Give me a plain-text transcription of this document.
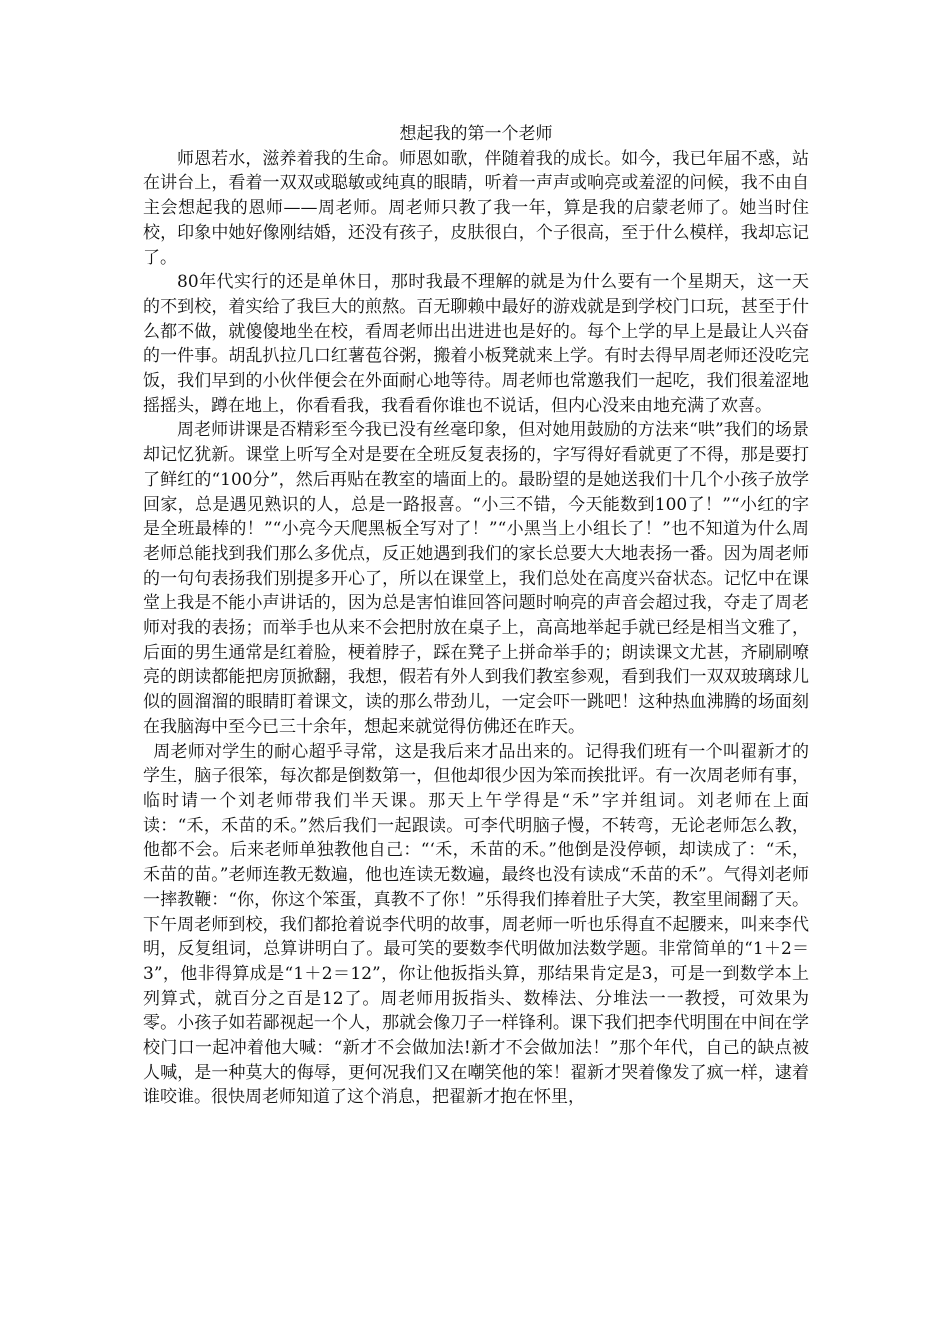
想起我的第一个老师

师恩若水，滋养着我的生命。师恩如歌，伴随着我的成长。如今，我已年届不惑，站在讲台上，看着一双双或聪敏或纯真的眼睛，听着一声声或响亮或羞涩的问候，我不由自主会想起我的恩师——周老师。周老师只教了我一年，算是我的启蒙老师了。她当时住校，印象中她好像刚结婚，还没有孩子，皮肤很白，个子很高，至于什么模样，我却忘记了。

80年代实行的还是单休日，那时我最不理解的就是为什么要有一个星期天，这一天的不到校，着实给了我巨大的煎熬。百无聊赖中最好的游戏就是到学校门口玩，甚至于什么都不做，就傻傻地坐在校，看周老师出出进进也是好的。每个上学的早上是最让人兴奋的一件事。胡乱扒拉几口红薯苞谷粥，搬着小板凳就来上学。有时去得早周老师还没吃完饭，我们早到的小伙伴便会在外面耐心地等待。周老师也常邀我们一起吃，我们很羞涩地摇摇头，蹲在地上，你看看我，我看看你谁也不说话，但内心没来由地充满了欢喜。

周老师讲课是否精彩至今我已没有丝毫印象，但对她用鼓励的方法来“哄”我们的场景却记忆犹新。课堂上听写全对是要在全班反复表扬的，字写得好看就更了不得，那是要打了鲜红的“100分”，然后再贴在教室的墙面上的。最盼望的是她送我们十几个小孩子放学回家，总是遇见熟识的人，总是一路报喜。“小三不错，今天能数到100了！”“小红的字是全班最棒的！”“小亮今天爬黑板全写对了！”“小黑当上小组长了！”也不知道为什么周老师总能找到我们那么多优点，反正她遇到我们的家长总要大大地表扬一番。因为周老师的一句句表扬我们别提多开心了，所以在课堂上，我们总处在高度兴奋状态。记忆中在课堂上我是不能小声讲话的，因为总是害怕谁回答问题时响亮的声音会超过我，夺走了周老师对我的表扬；而举手也从来不会把肘放在桌子上，高高地举起手就已经是相当文雅了，后面的男生通常是红着脸，梗着脖子，踩在凳子上拼命举手的；朗读课文尤甚，齐刷刷嘹亮的朗读都能把房顶掀翻，我想，假若有外人到我们教室参观，看到我们一双双玻璃球儿似的圆溜溜的眼睛盯着课文，读的那么带劲儿，一定会吓一跳吧！这种热血沸腾的场面刻在我脑海中至今已三十余年，想起来就觉得仿佛还在昨天。

周老师对学生的耐心超乎寻常，这是我后来才品出来的。记得我们班有一个叫翟新才的学生，脑子很笨，每次都是倒数第一，但他却很少因为笨而挨批评。有一次周老师有事，临时请一个刘老师带我们半天课。那天上午学得是“禾”字并组词。刘老师在上面读：“禾，禾苗的禾。”然后我们一起跟读。可李代明脑子慢，不转弯，无论老师怎么教，他都不会。后来老师单独教他自己：“‘禾，禾苗的禾。”他倒是没停顿，却读成了：“禾，禾苗的苗。”老师连教无数遍，他也连读无数遍，最终也没有读成“禾苗的禾”。气得刘老师一摔教鞭：“你，你这个笨蛋，真教不了你！”乐得我们捧着肚子大笑，教室里闹翻了天。下午周老师到校，我们都抢着说李代明的故事，周老师一听也乐得直不起腰来，叫来李代明，反复组词，总算讲明白了。最可笑的要数李代明做加法数学题。非常简单的“1＋2＝3”，他非得算成是“1＋2＝12”，你让他扳指头算，那结果肯定是3，可是一到数学本上列算式，就百分之百是12了。周老师用扳指头、数棒法、分堆法一一教授，可效果为零。小孩子如若鄙视起一个人，那就会像刀子一样锋利。课下我们把李代明围在中间在学校门口一起冲着他大喊：“新才不会做加法!新才不会做加法！”那个年代，自己的缺点被人喊，是一种莫大的侮辱，更何况我们又在嘲笑他的笨！翟新才哭着像发了疯一样，逮着谁咬谁。很快周老师知道了这个消息，把翟新才抱在怀里，
